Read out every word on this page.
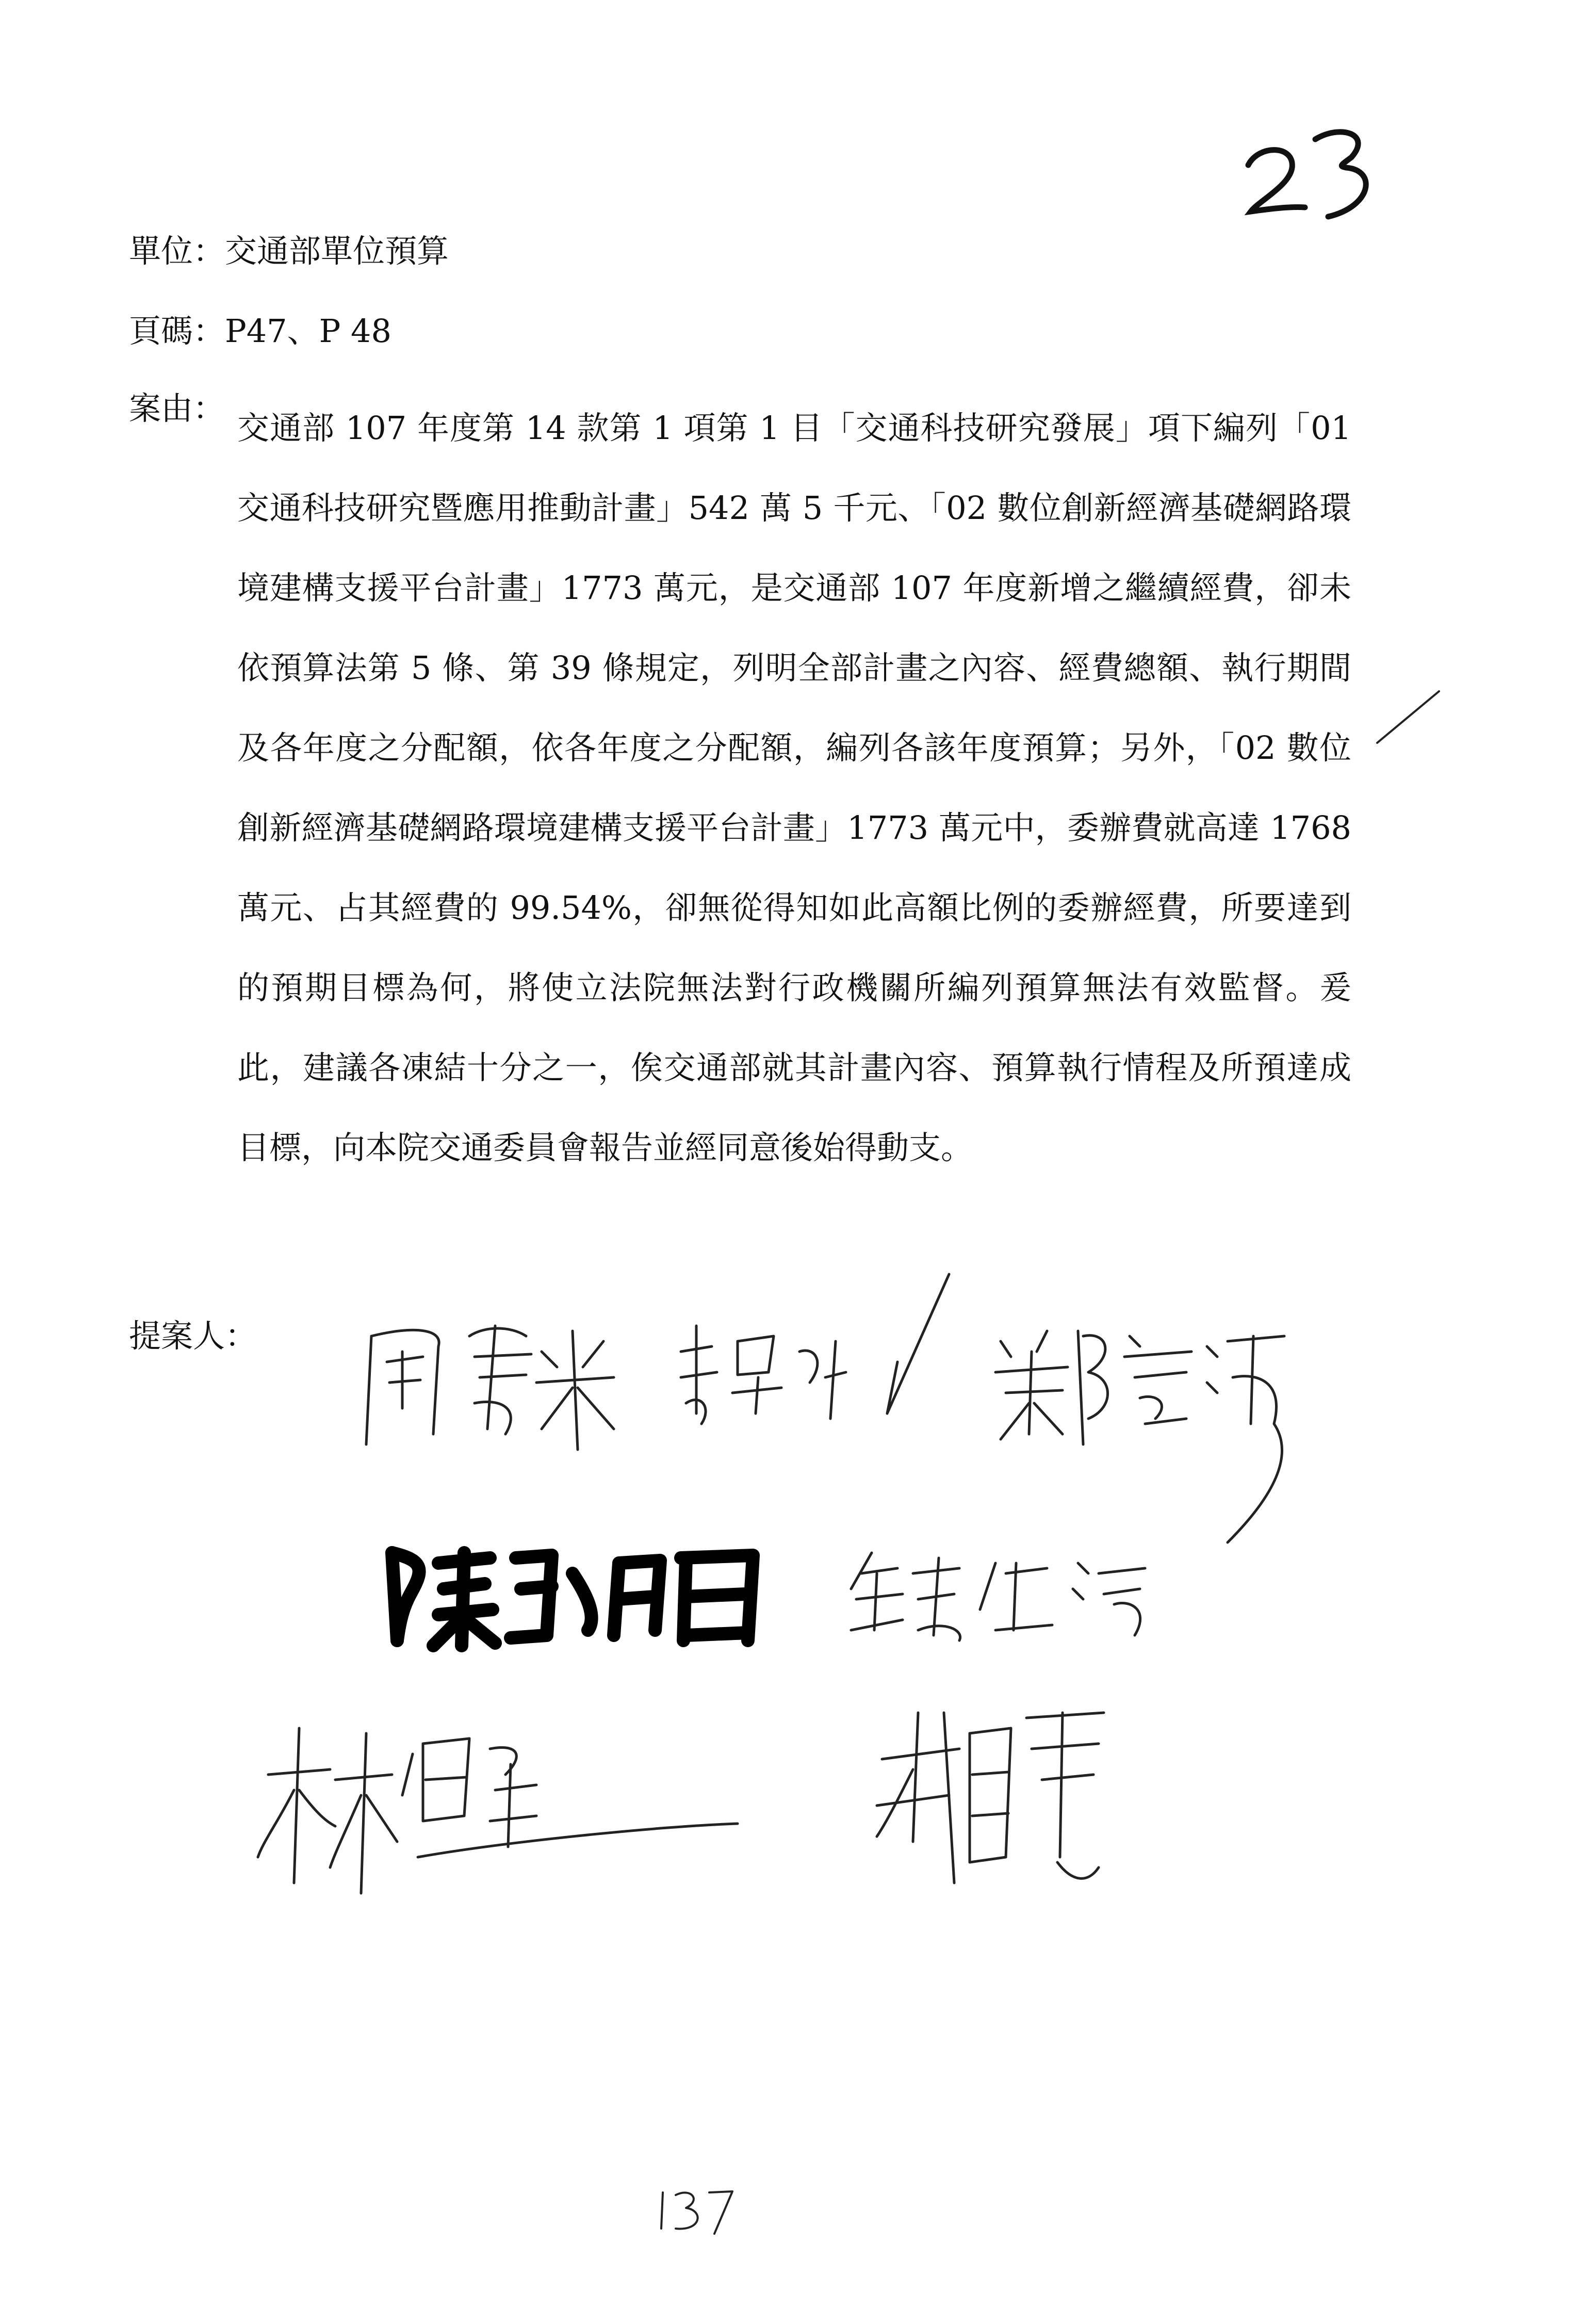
單位：交通部單位預算
頁碼：P47、P 48
案由：

交通部 107 年度第 14 款第 1 項第 1 目「交通科技研究發展」項下編列「01 交通科技研究暨應用推動計畫」542 萬 5 千元、「02 數位創新經濟基礎網路環境建構支援平台計畫」1773 萬元，是交通部 107 年度新增之繼續經費，卻未依預算法第 5 條、第 39 條規定，列明全部計畫之內容、經費總額、執行期間及各年度之分配額，依各年度之分配額，編列各該年度預算；另外，「02 數位創新經濟基礎網路環境建構支援平台計畫」1773 萬元中，委辦費就高達 1768 萬元、占其經費的 99.54%，卻無從得知如此高額比例的委辦經費，所要達到的預期目標為何，將使立法院無法對行政機關所編列預算無法有效監督。爰此，建議各凍結十分之一，俟交通部就其計畫內容、預算執行情程及所預達成目標，向本院交通委員會報告並經同意後始得動支。

提案人：
